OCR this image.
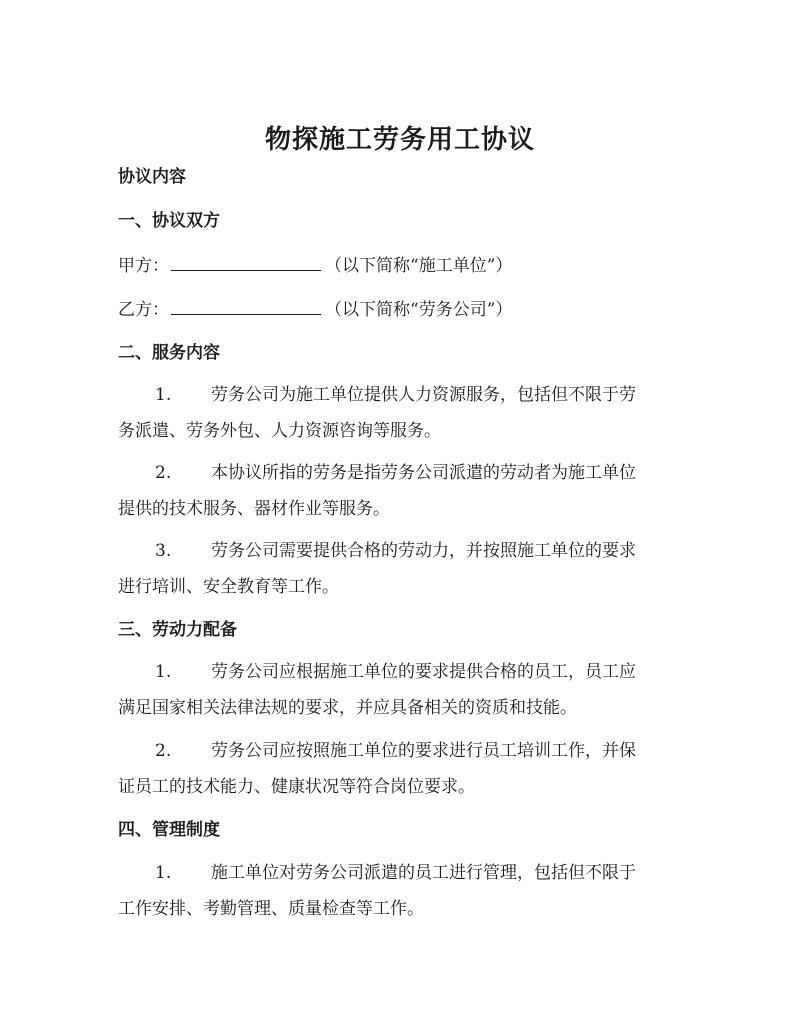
物探施工劳务用工协议
协议内容
一、协议双方
甲方：	（以下简称“施工单位”）
乙方：	（以下简称“劳务公司”）
二、服务内容
1. 劳务公司为施工单位提供人力资源服务，包括但不限于劳
务派遣、劳务外包、人力资源咨询等服务。
2. 本协议所指的劳务是指劳务公司派遣的劳动者为施工单位
提供的技术服务、器材作业等服务。
3. 劳务公司需要提供合格的劳动力，并按照施工单位的要求
进行培训、安全教育等工作。
三、劳动力配备
1. 劳务公司应根据施工单位的要求提供合格的员工，员工应
满足国家相关法律法规的要求，并应具备相关的资质和技能。
2. 劳务公司应按照施工单位的要求进行员工培训工作，并保
证员工的技术能力、健康状况等符合岗位要求。
四、管理制度
1. 施工单位对劳务公司派遣的员工进行管理，包括但不限于
工作安排、考勤管理、质量检查等工作。
